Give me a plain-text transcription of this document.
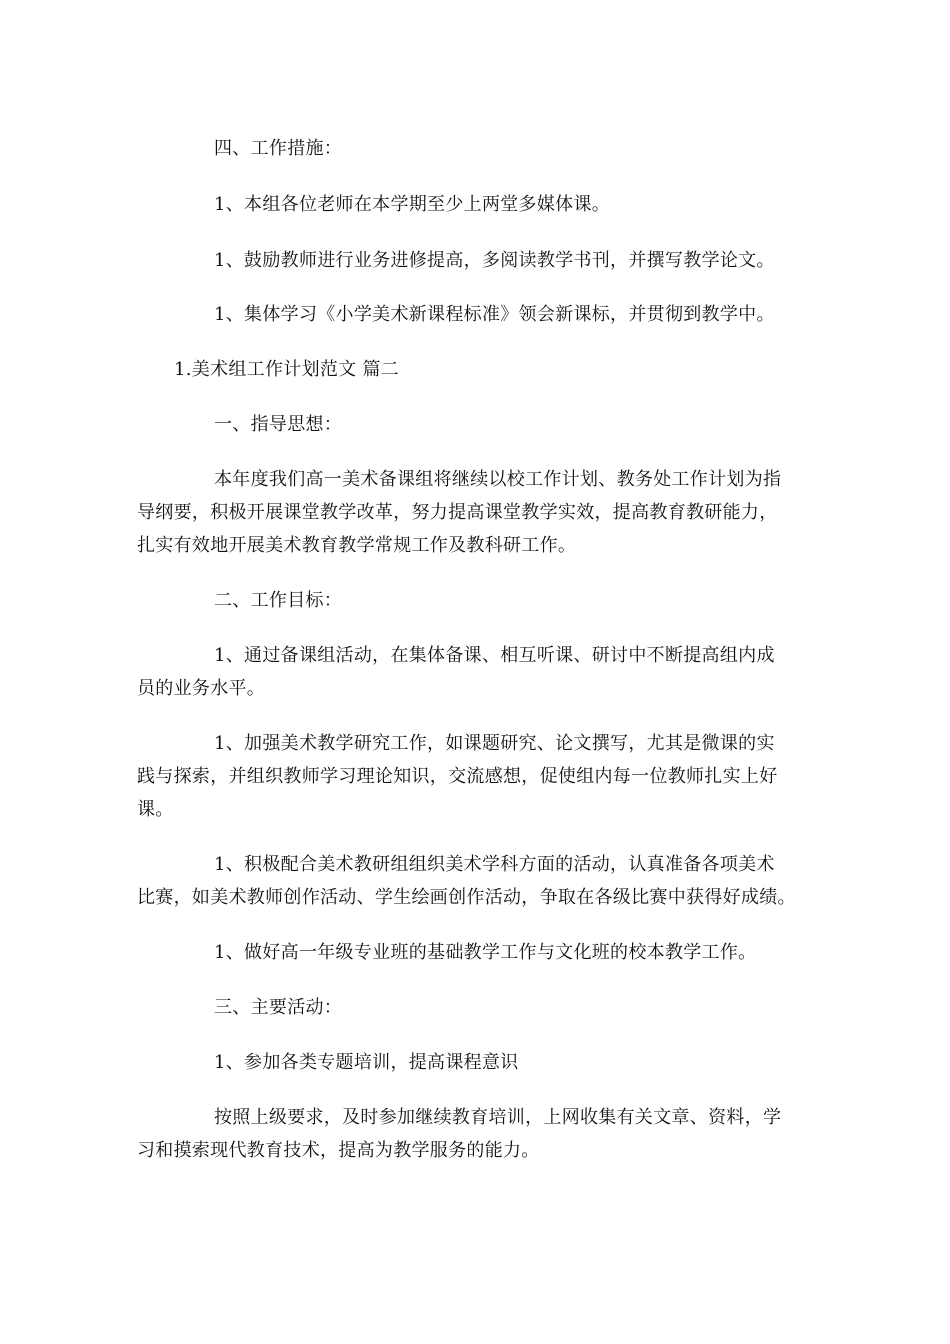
四、工作措施：
1、本组各位老师在本学期至少上两堂多媒体课。
1、鼓励教师进行业务进修提高，多阅读教学书刊，并撰写教学论文。
1、集体学习《小学美术新课程标准》领会新课标，并贯彻到教学中。
1.美术组工作计划范文 篇二
一、指导思想：
本年度我们高一美术备课组将继续以校工作计划、教务处工作计划为指
导纲要，积极开展课堂教学改革，努力提高课堂教学实效，提高教育教研能力，
扎实有效地开展美术教育教学常规工作及教科研工作。
二、工作目标：
1、通过备课组活动，在集体备课、相互听课、研讨中不断提高组内成
员的业务水平。
1、加强美术教学研究工作，如课题研究、论文撰写，尤其是微课的实
践与探索，并组织教师学习理论知识，交流感想，促使组内每一位教师扎实上好
课。
1、积极配合美术教研组组织美术学科方面的活动，认真准备各项美术
比赛，如美术教师创作活动、学生绘画创作活动，争取在各级比赛中获得好成绩。
1、做好高一年级专业班的基础教学工作与文化班的校本教学工作。
三、主要活动：
1、参加各类专题培训，提高课程意识
按照上级要求，及时参加继续教育培训，上网收集有关文章、资料，学
习和摸索现代教育技术，提高为教学服务的能力。
